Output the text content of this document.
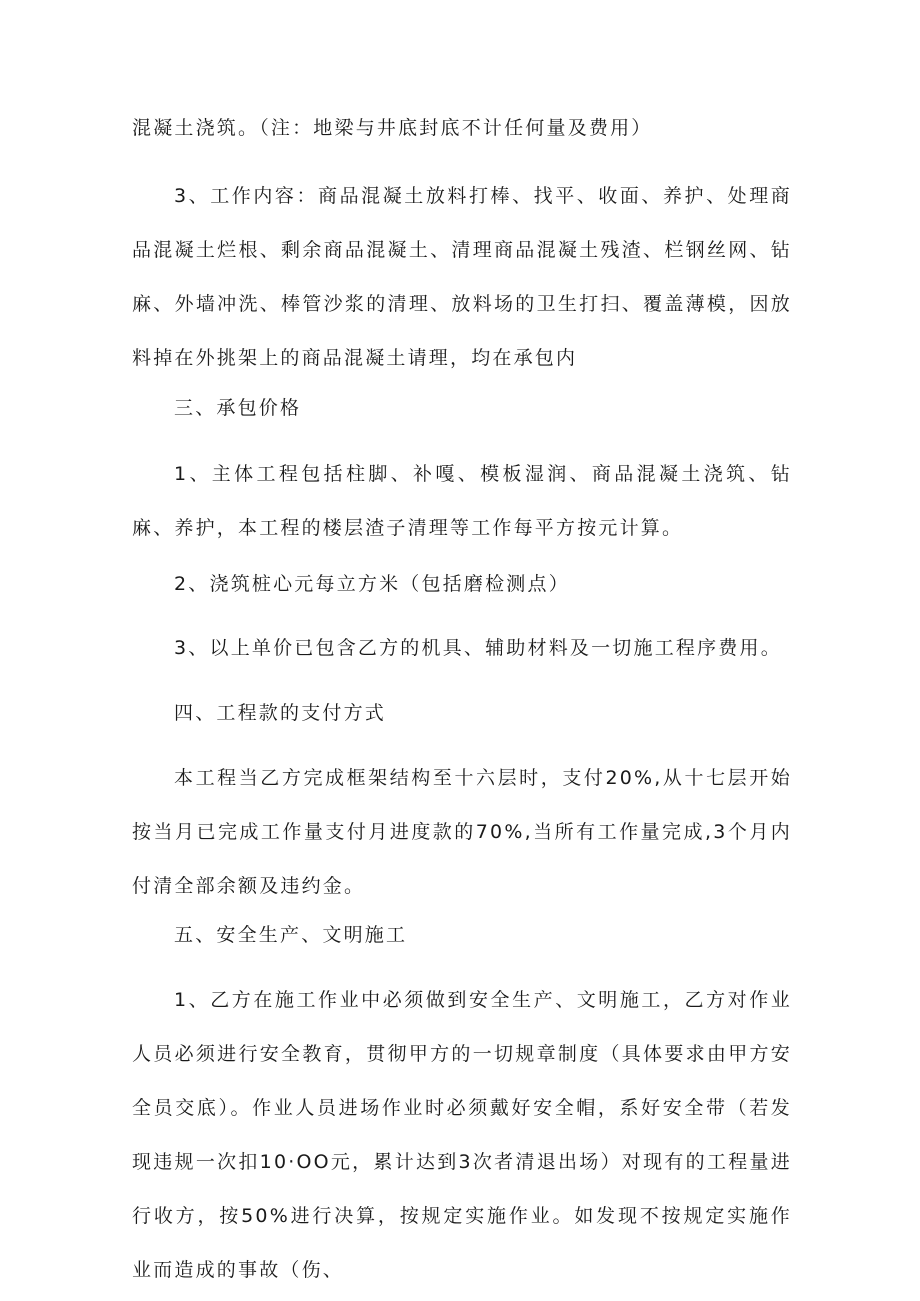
混凝土浇筑。（注：地梁与井底封底不计任何量及费用）

3、工作内容：商品混凝土放料打棒、找平、收面、养护、处理商品混凝土烂根、剩余商品混凝土、清理商品混凝土残渣、栏钢丝网、钻麻、外墙冲洗、棒管沙浆的清理、放料场的卫生打扫、覆盖薄模，因放料掉在外挑架上的商品混凝土请理，均在承包内

三、承包价格

1、主体工程包括柱脚、补嘎、模板湿润、商品混凝土浇筑、钻麻、养护，本工程的楼层渣子清理等工作每平方按元计算。

2、浇筑桩心元每立方米（包括磨检测点）

3、以上单价已包含乙方的机具、辅助材料及一切施工程序费用。

四、工程款的支付方式

本工程当乙方完成框架结构至十六层时，支付20%,从十七层开始按当月已完成工作量支付月进度款的70%,当所有工作量完成,3个月内付清全部余额及违约金。

五、安全生产、文明施工

1、乙方在施工作业中必须做到安全生产、文明施工，乙方对作业人员必须进行安全教育，贯彻甲方的一切规章制度（具体要求由甲方安全员交底）。作业人员进场作业时必须戴好安全帽，系好安全带（若发现违规一次扣10·OO元，累计达到3次者清退出场）对现有的工程量进行收方，按50%进行决算，按规定实施作业。如发现不按规定实施作业而造成的事故（伤、
